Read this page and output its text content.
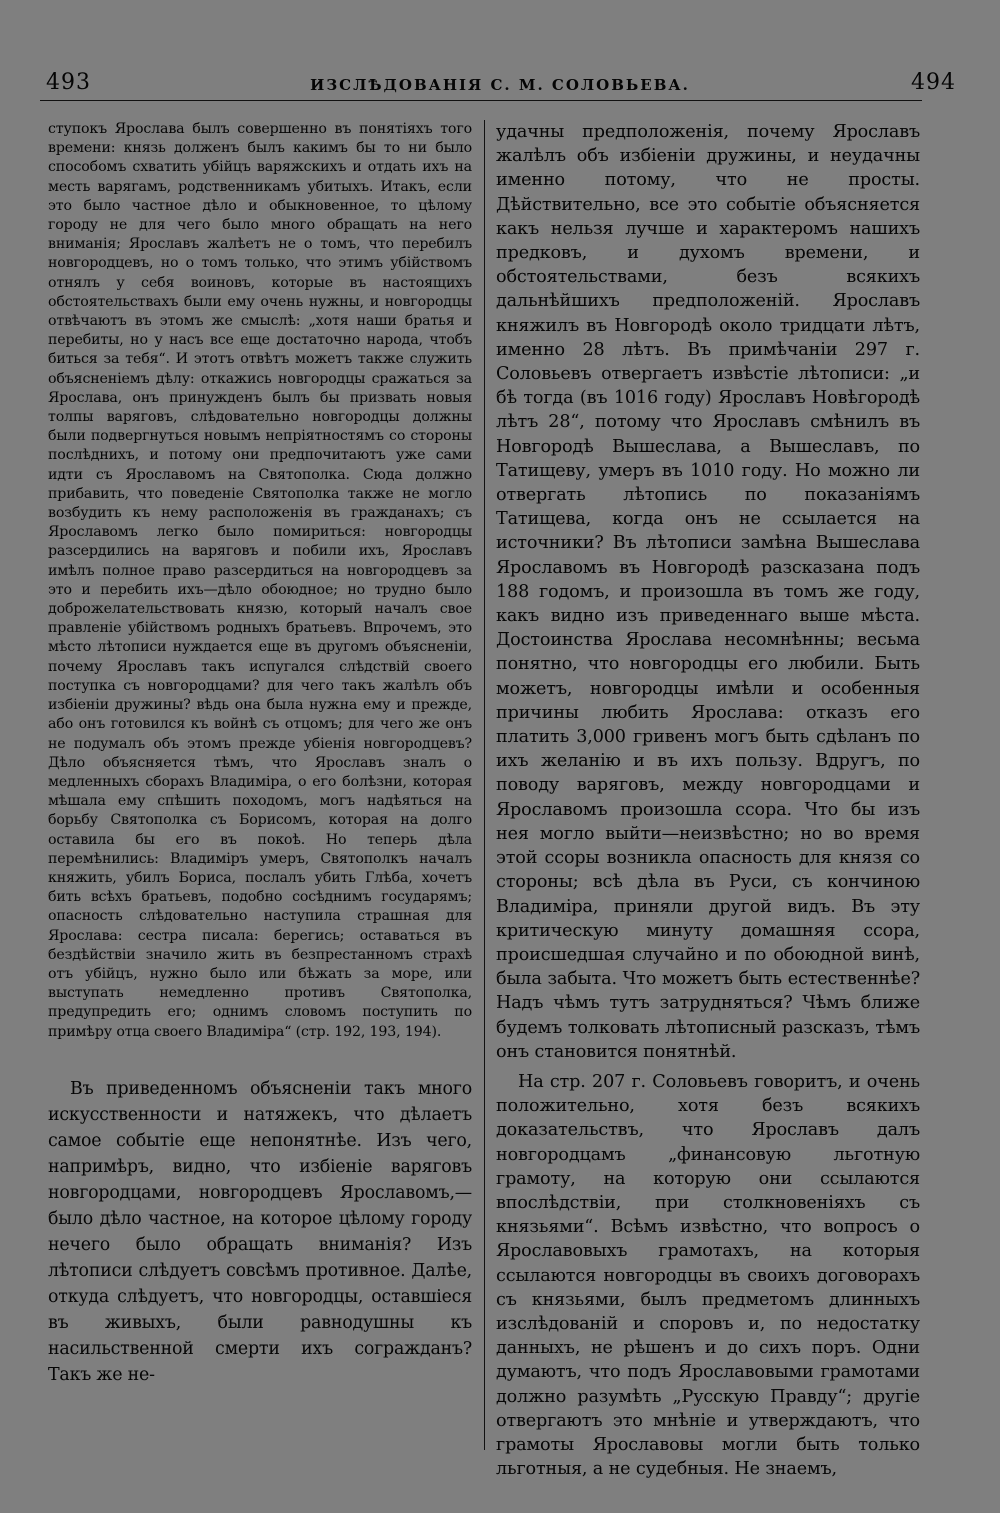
493	ИЗСЛѢДОВАНІЯ С. М. СОЛОВЬЕВА.	494

ступокъ Ярослава былъ совершенно въ понятіяхъ того времени: князь долженъ былъ какимъ бы то ни было способомъ схватить убійцъ варяжскихъ и отдать ихъ на месть варягамъ, родственникамъ убитыхъ. Итакъ, если это было частное дѣло и обыкновенное, то цѣлому городу не для чего было много обращать на него вниманія; Ярославъ жалѣетъ не о томъ, что перебилъ новгородцевъ, но о томъ только, что этимъ убійствомъ отнялъ у себя воиновъ, которые въ настоящихъ обстоятельствахъ были ему очень нужны, и новгородцы отвѣчаютъ въ этомъ же смыслѣ: „хотя наши братья и перебиты, но у насъ все еще достаточно народа, чтобъ биться за тебя“. И этотъ отвѣтъ можетъ также служить объясненіемъ дѣлу: откажись новгородцы сражаться за Ярослава, онъ принужденъ былъ бы призвать новыя толпы варяговъ, слѣдовательно новгородцы должны были подвергнуться новымъ непріятностямъ со стороны послѣднихъ, и потому они предпочитаютъ уже сами идти съ Ярославомъ на Святополка. Сюда должно прибавить, что поведеніе Святополка также не могло возбудить къ нему расположенія въ гражданахъ; съ Ярославомъ легко было помириться: новгородцы разсердились на варяговъ и побили ихъ, Ярославъ имѣлъ полное право разсердиться на новгородцевъ за это и перебить ихъ—дѣло обоюдное; но трудно было доброжелательствовать князю, который началъ свое правленіе убійствомъ родныхъ братьевъ. Впрочемъ, это мѣсто лѣтописи нуждается еще въ другомъ объясненіи, почему Ярославъ такъ испугался слѣдствій своего поступка съ новгородцами? для чего такъ жалѣлъ объ избіеніи дружины? вѣдь она была нужна ему и прежде, або онъ готовился къ войнѣ съ отцомъ; для чего же онъ не подумалъ объ этомъ прежде убіенія новгородцевъ? Дѣло объясняется тѣмъ, что Ярославъ зналъ о медленныхъ сборахъ Владиміра, о его болѣзни, которая мѣшала ему спѣшить походомъ, могъ надѣяться на борьбу Святополка съ Борисомъ, которая на долго оставила бы его въ покоѣ. Но теперь дѣла перемѣнились: Владиміръ умеръ, Святополкъ началъ княжить, убилъ Бориса, послалъ убить Глѣба, хочетъ бить всѣхъ братьевъ, подобно сосѣднимъ государямъ; опасность слѣдовательно наступила страшная для Ярослава: сестра писала: берегись; оставаться въ бездѣйствіи значило жить въ безпрестанномъ страхѣ отъ убійцъ, нужно было или бѣжать за море, или выступать немедленно противъ Святополка, предупредить его; однимъ словомъ поступить по примѣру отца своего Владиміра“ (стр. 192, 193, 194).

Въ приведенномъ объясненіи такъ много искусственности и натяжекъ, что дѣлаетъ самое событіе еще непонятнѣе. Изъ чего, напримѣръ, видно, что избіеніе варяговъ новгородцами, новгородцевъ Ярославомъ,—было дѣло частное, на которое цѣлому городу нечего было обращать вниманія? Изъ лѣтописи слѣдуетъ совсѣмъ противное. Далѣе, откуда слѣдуетъ, что новгородцы, оставшіеся въ живыхъ, были равнодушны къ насильственной смерти ихъ согражданъ? Такъ же не-

удачны предположенія, почему Ярославъ жалѣлъ объ избіеніи дружины, и неудачны именно потому, что не просты. Дѣйствительно, все это событіе объясняется какъ нельзя лучше и характеромъ нашихъ предковъ, и духомъ времени, и обстоятельствами, безъ всякихъ дальнѣйшихъ предположеній. Ярославъ княжилъ въ Новгородѣ около тридцати лѣтъ, именно 28 лѣтъ. Въ примѣчаніи 297 г. Соловьевъ отвергаетъ извѣстіе лѣтописи: „и бѣ тогда (въ 1016 году) Ярославъ Новѣгородѣ лѣтъ 28“, потому что Ярославъ смѣнилъ въ Новгородѣ Вышеслава, а Вышеславъ, по Татищеву, умеръ въ 1010 году. Но можно ли отвергать лѣтопись по показаніямъ Татищева, когда онъ не ссылается на источники? Въ лѣтописи замѣна Вышеслава Ярославомъ въ Новгородѣ разсказана подъ 188 годомъ, и произошла въ томъ же году, какъ видно изъ приведеннаго выше мѣста. Достоинства Ярослава несомнѣнны; весьма понятно, что новгородцы его любили. Быть можетъ, новгородцы имѣли и особенныя причины любить Ярослава: отказъ его платить 3,000 гривенъ могъ быть сдѣланъ по ихъ желанію и въ ихъ пользу. Вдругъ, по поводу варяговъ, между новгородцами и Ярославомъ произошла ссора. Что бы изъ нея могло выйти—неизвѣстно; но во время этой ссоры возникла опасность для князя со стороны; всѣ дѣла въ Руси, съ кончиною Владиміра, приняли другой видъ. Въ эту критическую минуту домашняя ссора, происшедшая случайно и по обоюдной винѣ, была забыта. Что можетъ быть естественнѣе? Надъ чѣмъ тутъ затрудняться? Чѣмъ ближе будемъ толковать лѣтописный разсказъ, тѣмъ онъ становится понятнѣй.

На стр. 207 г. Соловьевъ говоритъ, и очень положительно, хотя безъ всякихъ доказательствъ, что Ярославъ далъ новгородцамъ „финансовую льготную грамоту, на которую они ссылаются впослѣдствіи, при столкновеніяхъ съ князьями“. Всѣмъ извѣстно, что вопросъ о Ярославовыхъ грамотахъ, на которыя ссылаются новгородцы въ своихъ договорахъ съ князьями, былъ предметомъ длинныхъ изслѣдованій и споровъ и, по недостатку данныхъ, не рѣшенъ и до сихъ поръ. Одни думаютъ, что подъ Ярославовыми грамотами должно разумѣть „Русскую Правду“; другіе отвергаютъ это мнѣніе и утверждаютъ, что грамоты Ярославовы могли быть только льготныя, а не судебныя. Не знаемъ,
